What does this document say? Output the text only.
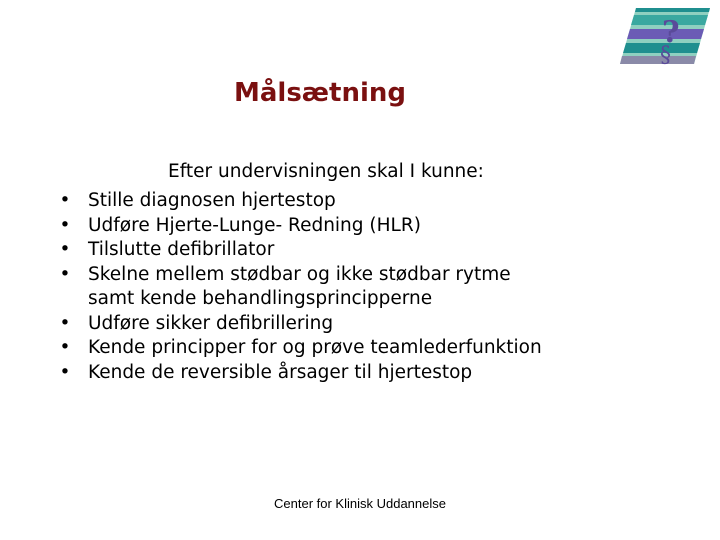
?
§
Målsætning
Efter undervisningen skal I kunne:
• Stille diagnosen hjertestop
• Udføre Hjerte-Lunge- Redning (HLR)
• Tilslutte defibrillator
• Skelne mellem stødbar og ikke stødbar rytme
samt kende behandlingsprincipperne
• Udføre sikker defibrillering
• Kende principper for og prøve teamlederfunktion
• Kende de reversible årsager til hjertestop
Center for Klinisk Uddannelse
